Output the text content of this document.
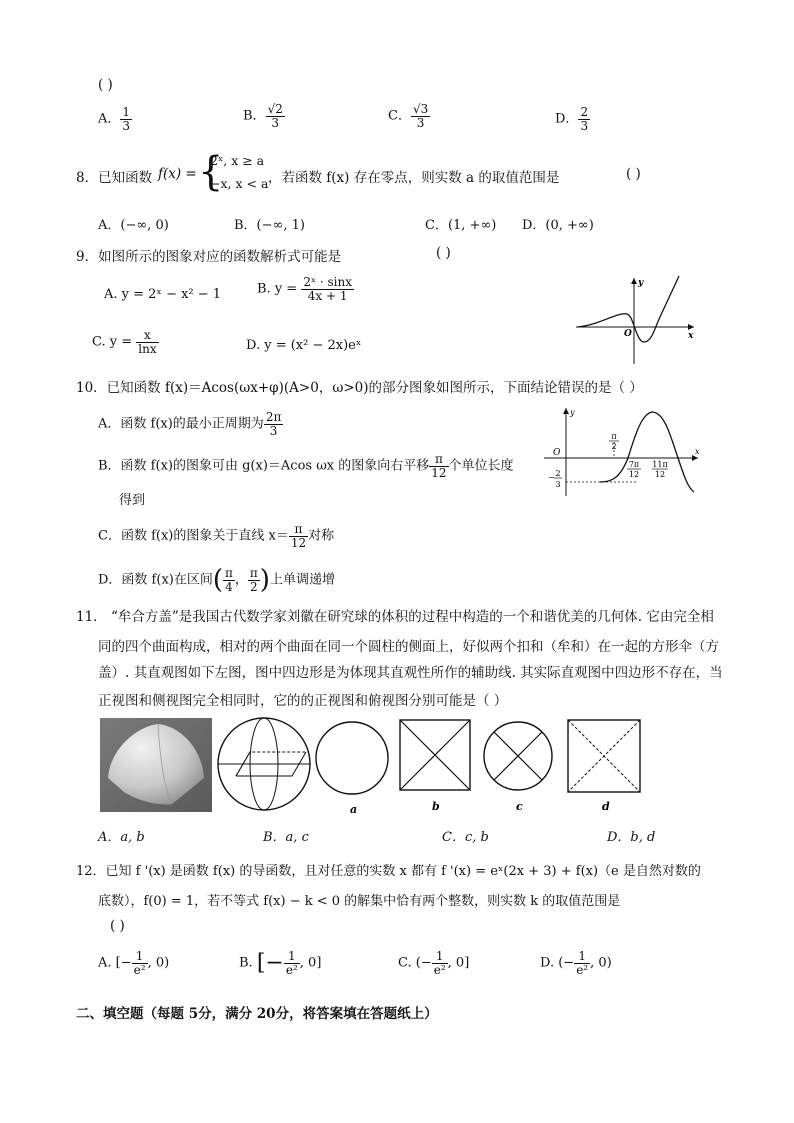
( )
A． $\frac{1}{3}$	B． $\frac{√2}{3}$	C． $\frac{√3}{3}$	D． $\frac{2}{3}$
8．已知函数 f(x) = {
2ˣ, x ≥ a
−x, x < a ，若函数 f(x) 存在零点，则实数 a 的取值范围是	( )
A．(−∞, 0)	B．(−∞, 1)	C．(1, +∞) D．(0, +∞)
9．如图所示的图象对应的函数解析式可能是	( )
A. y = 2ˣ − x² − 1	B. $y = \frac{\text{2ˣ · sinx}}{4x + 1}$
C. $y = \frac{x}{\ln x}$	D. y = (x² − 2x)eˣ
y
x
O
10．已知函数 f(x)＝Acos(ωx+φ)(A>0，ω>0)的部分图象如图所示，下面结论错误的是（ ）
A．函数 f(x)的最小正周期为 $\frac{2\pi}{3}$
B．函数 f(x)的图象可由 g(x)＝Acos ωx 的图象向右平移 $\frac{\pi}{12}$ 个单位长度
得到
C．函数 f(x)的图象关于直线 $x= \frac{\pi}{12}$ 对称
D．函数 f(x)在区间( $\frac{\pi}{4}$ ， $\frac{\pi}{2}$ )上单调递增
y
x
O
π
2
7π
12
11π
12
− 2
3
11． “牟合方盖”是我国古代数学家刘徽在研究球的体积的过程中构造的一个和谐优美的几何体. 它由完全相
同的四个曲面构成，相对的两个曲面在同一个圆柱的侧面上，好似两个扣和（牟和）在一起的方形伞（方
盖）. 其直观图如下左图，图中四边形是为体现其直观性所作的辅助线. 其实际直观图中四边形不存在，当
正视图和侧视图完全相同时，它的的正视图和俯视图分别可能是（ ）
a	b	c	d
A．a, b	B．a, c	C．c, b	D．b, d
12．已知 f '(x) 是函数 f(x) 的导函数，且对任意的实数 x 都有 f '(x) = eˣ(2x + 3) + f(x)（e 是自然对数的
底数），f(0) = 1，若不等式 f(x) − k < 0 的解集中恰有两个整数，则实数 k 的取值范围是
( )
A. [− $\frac{1}{\text{e²}}$ , 0)	B. [− $\frac{1}{\text{e²}}$ , 0]	C. (− $\frac{1}{\text{e²}}$ , 0]	D. (− $\frac{1}{\text{e²}}$ , 0)
二、填空题（每题 5分，满分 20分，将答案填在答题纸上）
